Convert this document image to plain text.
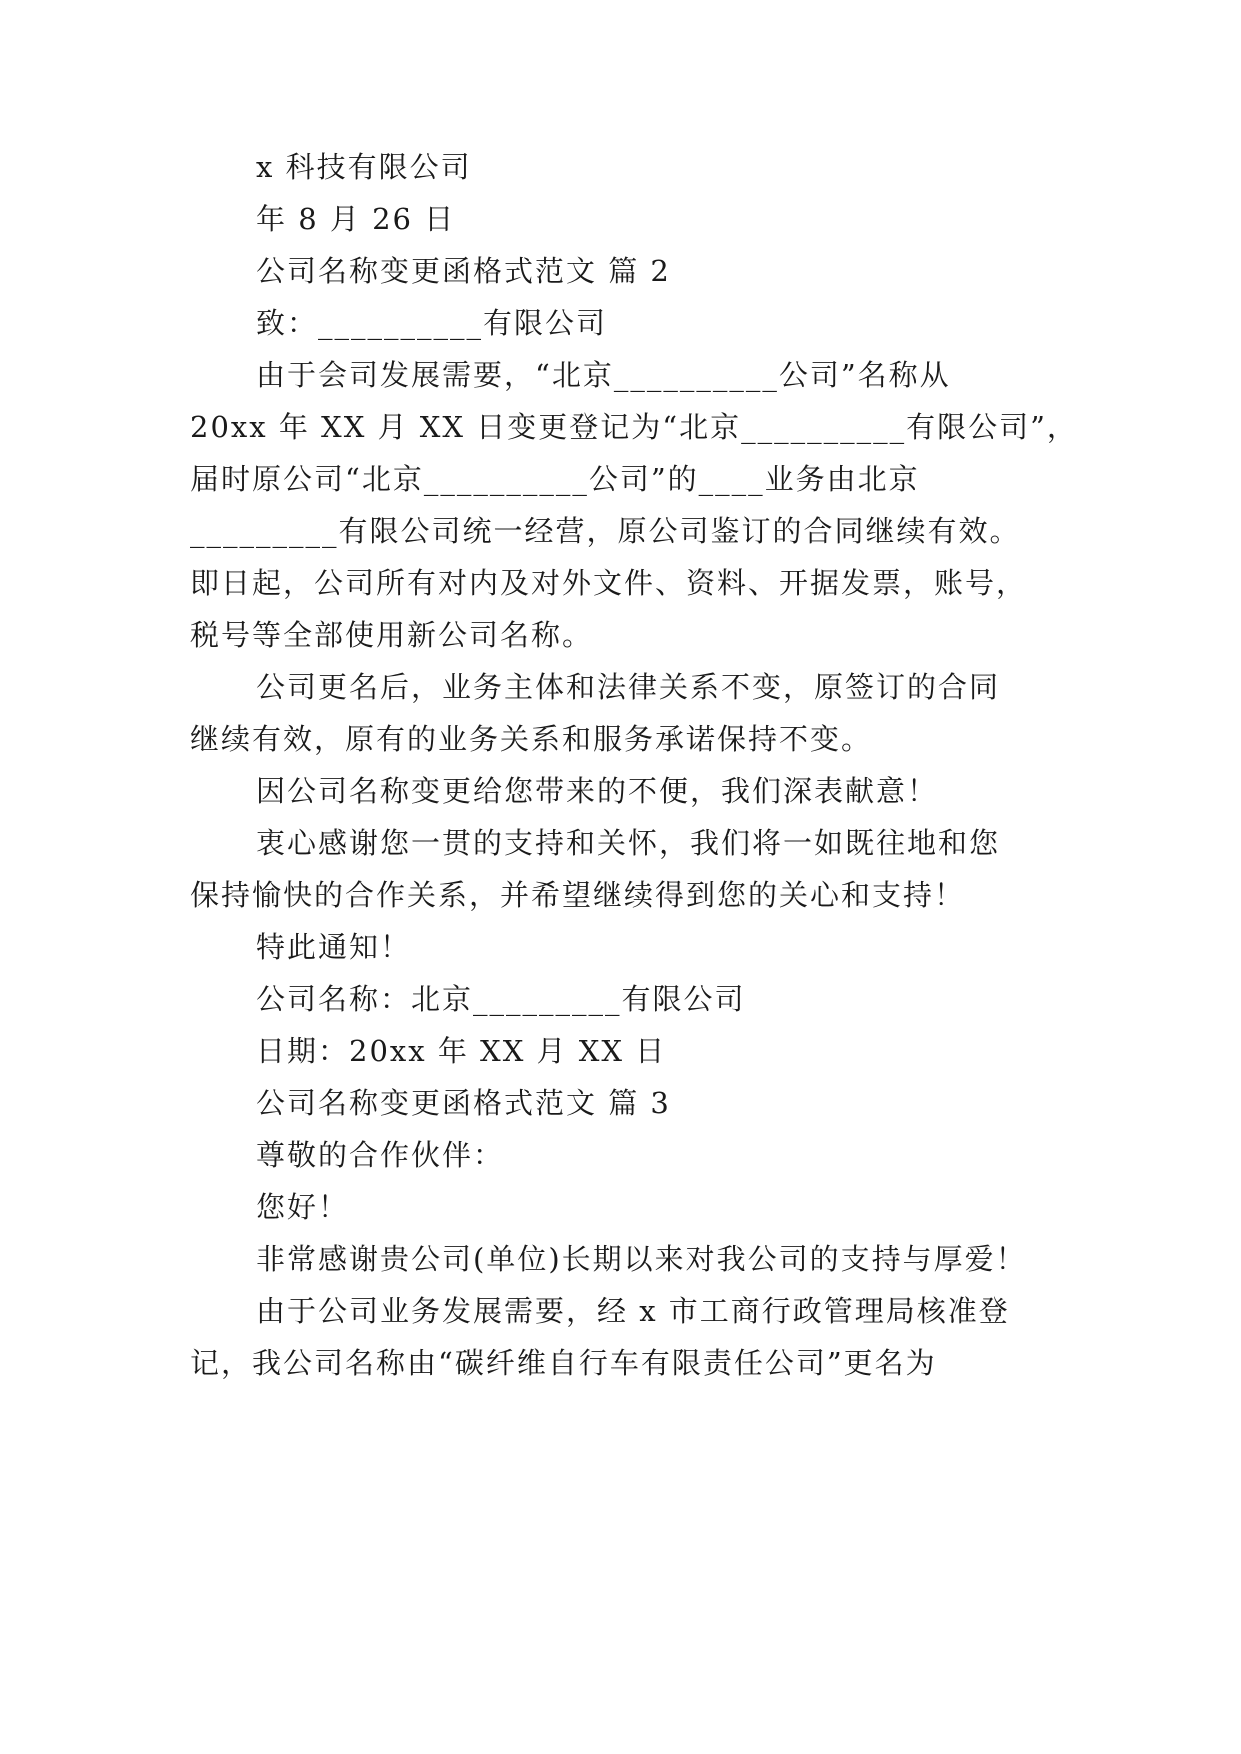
x 科技有限公司
年 8 月 26 日
公司名称变更函格式范文 篇 2
致：__________有限公司
由于会司发展需要，“北京__________公司”名称从
20xx 年 XX 月 XX 日变更登记为“北京__________有限公司”，
届时原公司“北京__________公司”的____业务由北京
_________有限公司统一经营，原公司鉴订的合同继续有效。
即日起，公司所有对内及对外文件、资料、开据发票，账号，
税号等全部使用新公司名称。
公司更名后，业务主体和法律关系不变，原签订的合同
继续有效，原有的业务关系和服务承诺保持不变。
因公司名称变更给您带来的不便，我们深表献意！
衷心感谢您一贯的支持和关怀，我们将一如既往地和您
保持愉快的合作关系，并希望继续得到您的关心和支持！
特此通知！
公司名称：北京_________有限公司
日期：20xx 年 XX 月 XX 日
公司名称变更函格式范文 篇 3
尊敬的合作伙伴：
您好！
非常感谢贵公司(单位)长期以来对我公司的支持与厚爱！
由于公司业务发展需要，经 x 市工商行政管理局核准登
记，我公司名称由“碳纤维自行车有限责任公司”更名为
